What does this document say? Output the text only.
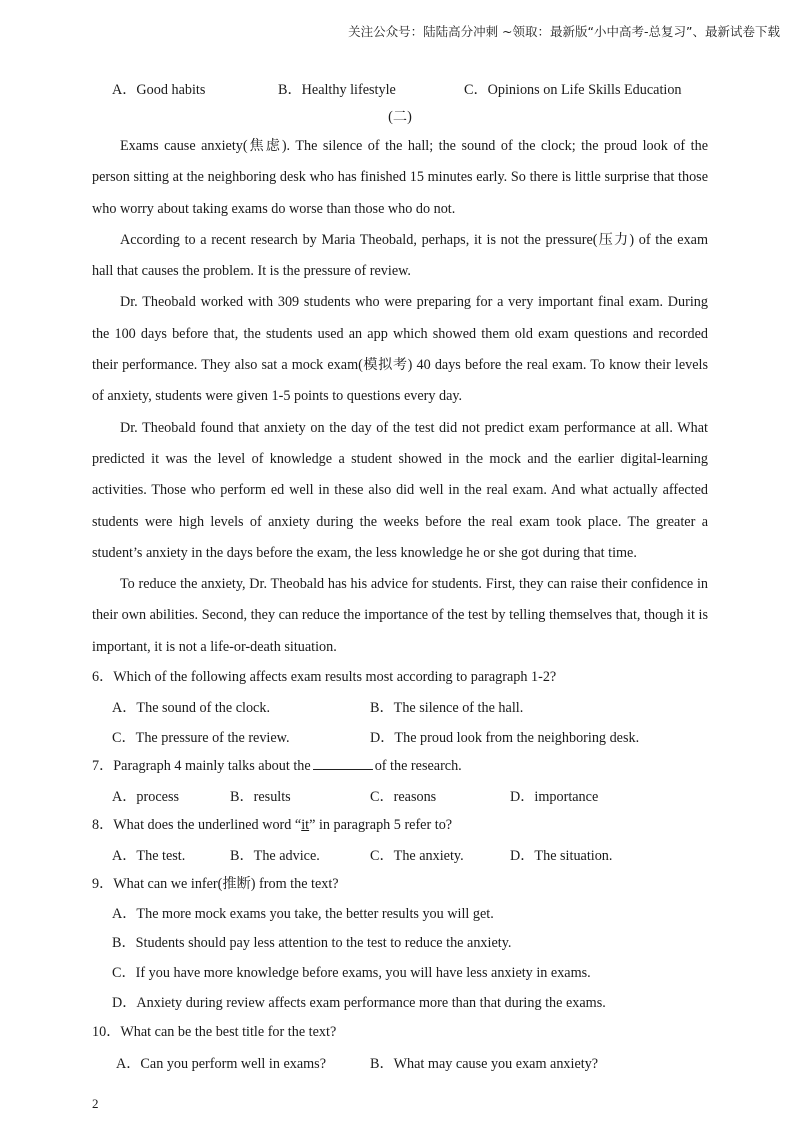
关注公众号：陆陆高分冲刺 ~领取：最新版“小中高考-总复习”、最新试卷下载
A．Good habits	B．Healthy lifestyle	C．Opinions on Life Skills Education
(二)

Exams cause anxiety(焦虑). The silence of the hall; the sound of the clock; the proud look of the person sitting at the neighboring desk who has finished 15 minutes early. So there is little surprise that those who worry about taking exams do worse than those who do not.

According to a recent research by Maria Theobald, perhaps, it is not the pressure(压力) of the exam hall that causes the problem. It is the pressure of review.

Dr. Theobald worked with 309 students who were preparing for a very important final exam. During the 100 days before that, the students used an app which showed them old exam questions and recorded their performance. They also sat a mock exam(模拟考) 40 days before the real exam. To know their levels of anxiety, students were given 1-5 points to questions every day.

Dr. Theobald found that anxiety on the day of the test did not predict exam performance at all. What predicted it was the level of knowledge a student showed in the mock and the earlier digital-learning activities. Those who perform ed well in these also did well in the real exam. And what actually affected students were high levels of anxiety during the weeks before the real exam took place. The greater a student’s anxiety in the days before the exam, the less knowledge he or she got during that time.

To reduce the anxiety, Dr. Theobald has his advice for students. First, they can raise their confidence in their own abilities. Second, they can reduce the importance of the test by telling themselves that, though it is important, it is not a life-or-death situation.

6．Which of the following affects exam results most according to paragraph 1-2?

A．The sound of the clock.	B．The silence of the hall.
C．The pressure of the review.	D．The proud look from the neighboring desk.

7．Paragraph 4 mainly talks about the	of the research.

A．process	B．results	C．reasons	D．importance

8．What does the underlined word “it” in paragraph 5 refer to?

A．The test.	B．The advice.	C．The anxiety.	D．The situation.

9．What can we infer(推断) from the text?

A．The more mock exams you take, the better results you will get.

B．Students should pay less attention to the test to reduce the anxiety.

C．If you have more knowledge before exams, you will have less anxiety in exams.

D．Anxiety during review affects exam performance more than that during the exams.

10．What can be the best title for the text?

A．Can you perform well in exams?	B．What may cause you exam anxiety?
2
